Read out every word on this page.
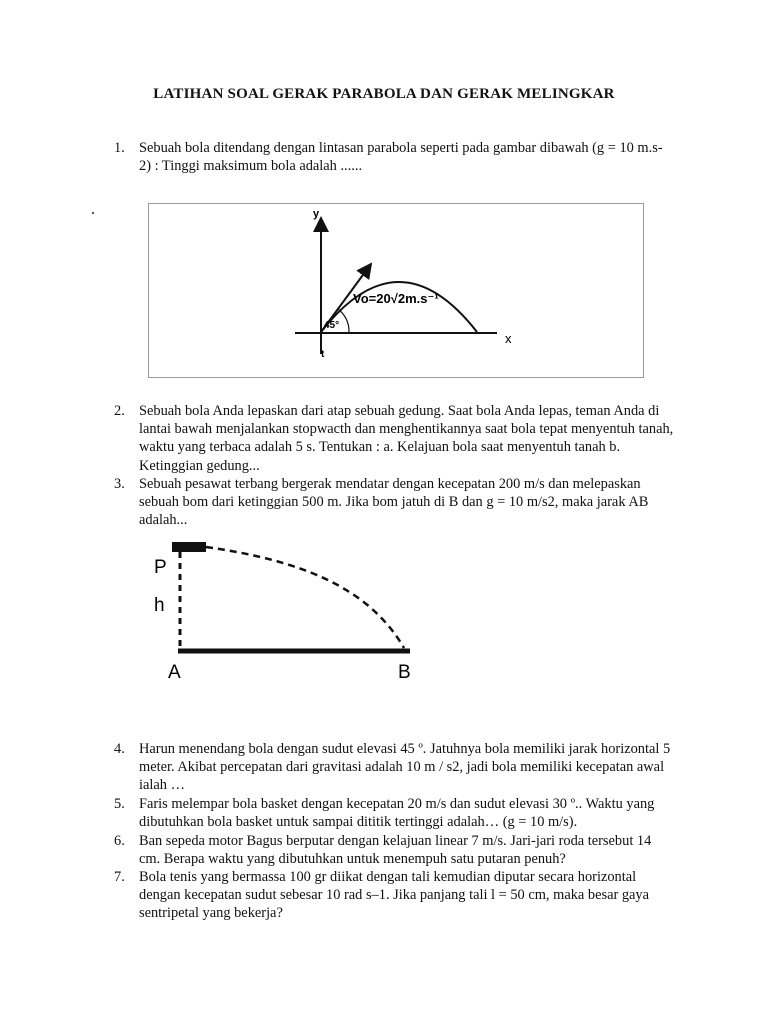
LATIHAN SOAL GERAK PARABOLA DAN GERAK MELINGKAR
1. Sebuah bola ditendang dengan lintasan parabola seperti pada gambar dibawah (g = 10 m.s-2) : Tinggi maksimum bola adalah ......
y
x
t
45°
Vo=20√2m.s⁻¹
2. Sebuah bola Anda lepaskan dari atap sebuah gedung. Saat bola Anda lepas, teman Anda di lantai bawah menjalankan stopwacth dan menghentikannya saat bola tepat menyentuh tanah, waktu yang terbaca adalah 5 s. Tentukan : a. Kelajuan bola saat menyentuh tanah b. Ketinggian gedung...
3. Sebuah pesawat terbang bergerak mendatar dengan kecepatan 200 m/s dan melepaskan sebuah bom dari ketinggian 500 m. Jika bom jatuh di B dan g = 10 m/s2, maka jarak AB adalah...
P
h
A	B
4. Harun menendang bola dengan sudut elevasi 45 º. Jatuhnya bola memiliki jarak horizontal 5 meter. Akibat percepatan dari gravitasi adalah 10 m / s2, jadi bola memiliki kecepatan awal ialah …
5. Faris melempar bola basket dengan kecepatan 20 m/s dan sudut elevasi 30 º.. Waktu yang dibutuhkan bola basket untuk sampai dititik tertinggi adalah… (g = 10 m/s).
6. Ban sepeda motor Bagus berputar dengan kelajuan linear 7 m/s. Jari-jari roda tersebut 14 cm. Berapa waktu yang dibutuhkan untuk menempuh satu putaran penuh?
7. Bola tenis yang bermassa 100 gr diikat dengan tali kemudian diputar secara horizontal dengan kecepatan sudut sebesar 10 rad s–1. Jika panjang tali l = 50 cm, maka besar gaya sentripetal yang bekerja?
